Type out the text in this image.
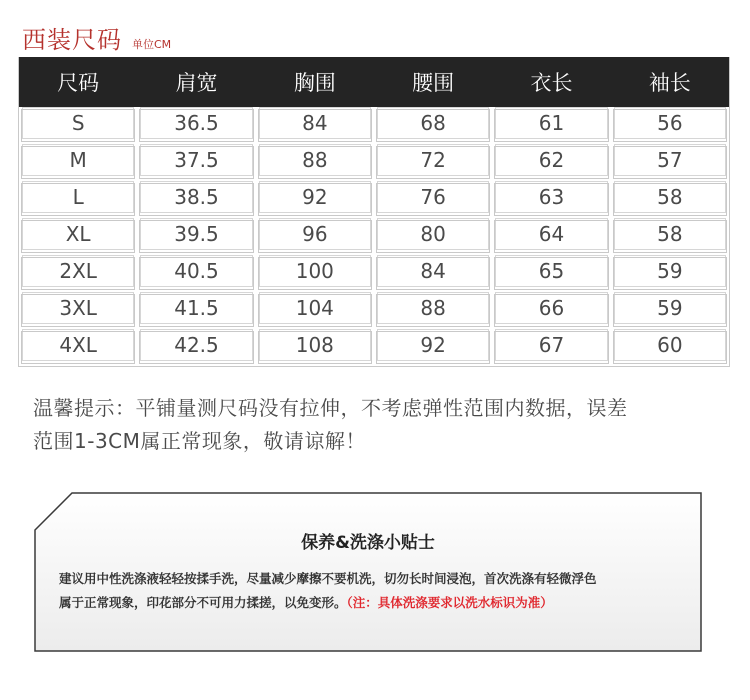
西装尺码 单位CM
尺码	肩宽	胸围	腰围	衣长	袖长
S	36.5	84	68	61	56
M	37.5	88	72	62	57
L	38.5	92	76	63	58
XL	39.5	96	80	64	58
2XL	40.5	100	84	65	59
3XL	41.5	104	88	66	59
4XL	42.5	108	92	67	60
温馨提示：平铺量测尺码没有拉伸，不考虑弹性范围内数据，误差
范围1-3CM属正常现象，敬请谅解！
保养&洗涤小贴士
建议用中性洗涤液轻轻按揉手洗，尽量减少摩擦不要机洗，切勿长时间浸泡，首次洗涤有轻微浮色
属于正常现象，印花部分不可用力揉搓，以免变形。（注：具体洗涤要求以洗水标识为准）
